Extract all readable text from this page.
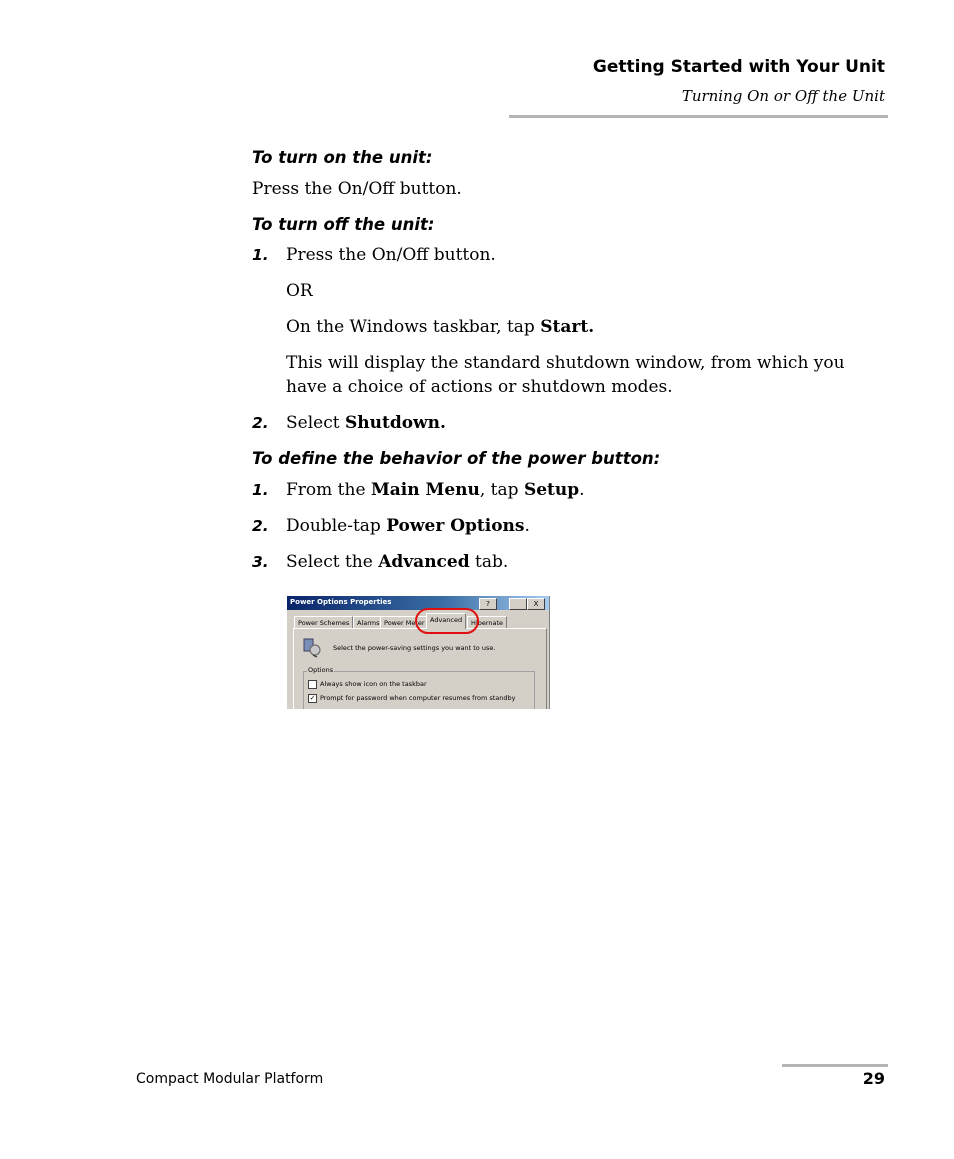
Getting Started with Your Unit
Turning On or Off the Unit
To turn on the unit:
Press the On/Off button.
To turn off the unit:
1. Press the On/Off button.
OR
On the Windows taskbar, tap Start.
This will display the standard shutdown window, from which you have a choice of actions or shutdown modes.
2. Select Shutdown.
To define the behavior of the power button:
1. From the Main Menu, tap Setup.
2. Double-tap Power Options.
3. Select the Advanced tab.
Power Options Properties	?	X
Power Schemes	Alarms Power Meter Advanced	Hibernate
Select the power-saving settings you want to use.
Options
Always show icon on the taskbar
✓ Prompt for password when computer resumes from standby
Compact Modular Platform	29
